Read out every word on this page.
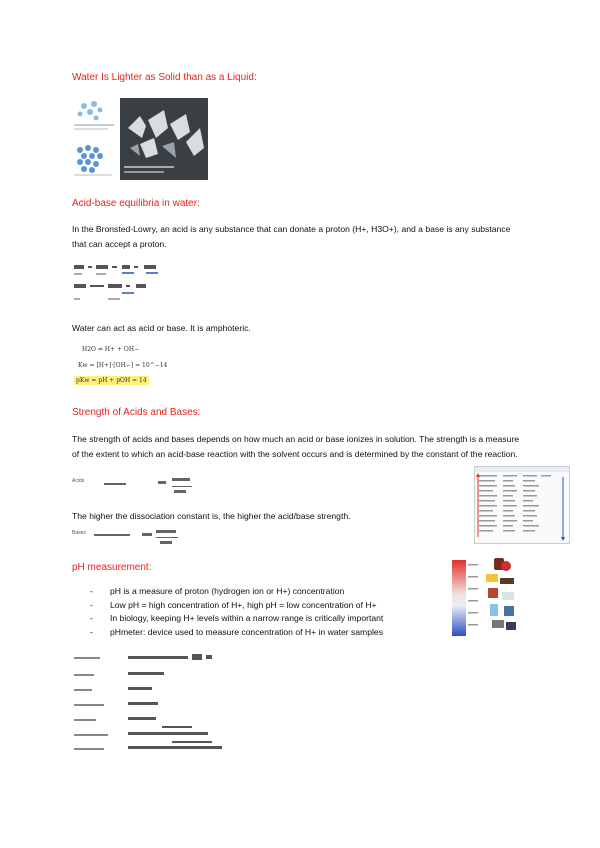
Water Is Lighter as Solid than as a Liquid:
Acid-base equilibria in water:
In the Bronsted-Lowry, an acid is any substance that can donate a proton (H+, H3O+), and a base is any substance that can accept a proton.
Water can act as acid or base. It is amphoteric.
H2O ⇌ H+ + OH−
Kw = [H+]·[OH−] = 10^−14
pKw = pH + pOH = 14
Strength of Acids and Bases:
The strength of acids and bases depends on how much an acid or base ionizes in solution. The strength is a measure of the extent to which an acid-base reaction with the solvent occurs and is determined by the constant of the reaction.
Acids
The higher the dissociation constant is, the higher the acid/base strength.
Bases
pH measurement:
- pH is a measure of proton (hydrogen ion or H+) concentration
- Low pH = high concentration of H+, high pH = low concentration of H+
- In biology, keeping H+ levels within a narrow range is critically important
- pHmeter: device used to measure concentration of H+ in water samples
